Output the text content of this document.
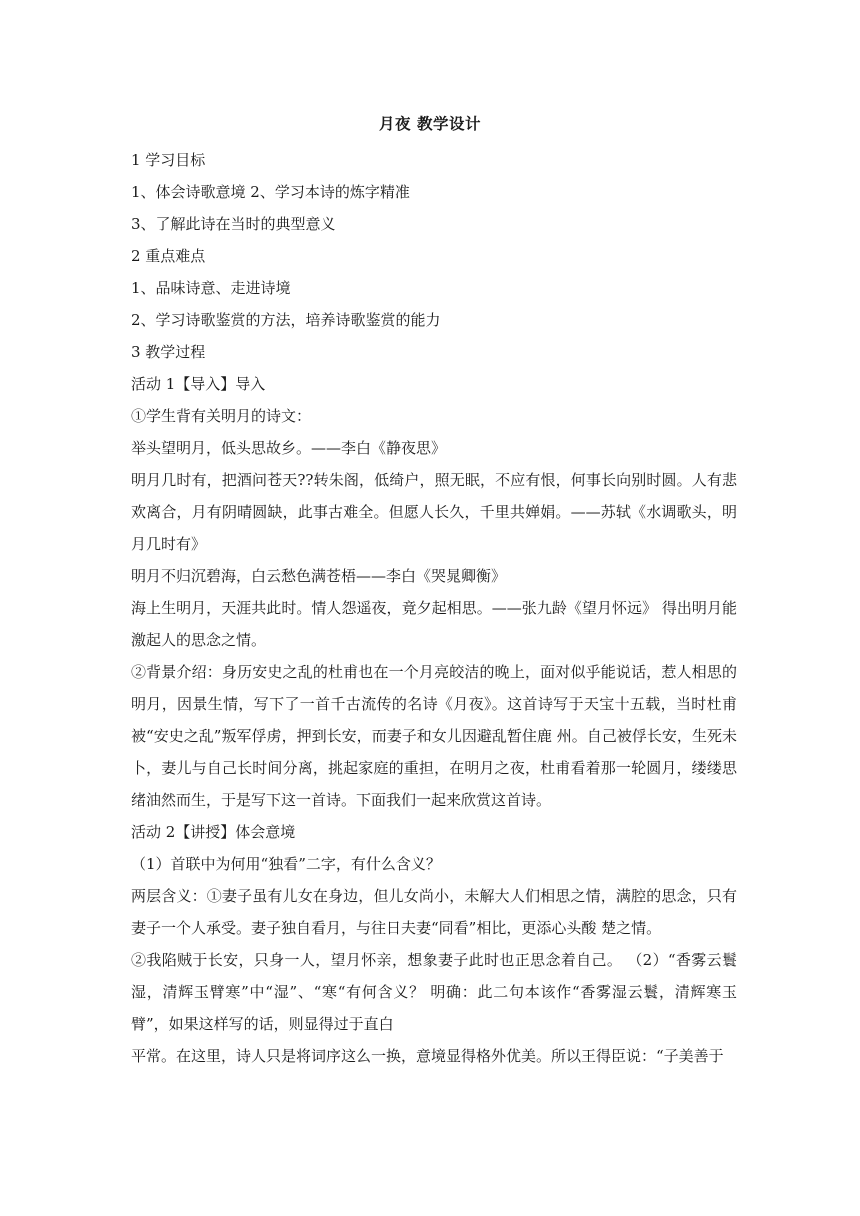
月夜 教学设计

1 学习目标

1、体会诗歌意境 2、学习本诗的炼字精准

3、了解此诗在当时的典型意义

2 重点难点

1、品味诗意、走进诗境

2、学习诗歌鉴赏的方法，培养诗歌鉴赏的能力

3 教学过程

活动 1【导入】导入

①学生背有关明月的诗文：

举头望明月，低头思故乡。——李白《静夜思》

明月几时有，把酒问苍天??转朱阁，低绮户，照无眠，不应有恨，何事长向别时圆。人有悲欢离合，月有阴晴圆缺，此事古难全。但愿人长久，千里共婵娟。——苏轼《水调歌头，明月几时有》

明月不归沉碧海，白云愁色满苍梧——李白《哭晁卿衡》

海上生明月，天涯共此时。情人怨遥夜，竟夕起相思。——张九龄《望月怀远》 得出明月能激起人的思念之情。

②背景介绍：身历安史之乱的杜甫也在一个月亮皎洁的晚上，面对似乎能说话，惹人相思的明月，因景生情，写下了一首千古流传的名诗《月夜》。这首诗写于天宝十五载，当时杜甫被“安史之乱”叛军俘虏，押到长安，而妻子和女儿因避乱暂住鹿 州。自己被俘长安，生死未卜，妻儿与自己长时间分离，挑起家庭的重担，在明月之夜，杜甫看着那一轮圆月，缕缕思绪油然而生，于是写下这一首诗。下面我们一起来欣赏这首诗。

活动 2【讲授】体会意境

（1）首联中为何用“独看”二字，有什么含义？

两层含义：①妻子虽有儿女在身边，但儿女尚小，未解大人们相思之情，满腔的思念，只有妻子一个人承受。妻子独自看月，与往日夫妻“同看”相比，更添心头酸 楚之情。

②我陷贼于长安，只身一人，望月怀亲，想象妻子此时也正思念着自己。 （2）“香雾云鬟湿，清辉玉臂寒”中“湿”、“寒“有何含义？ 明确：此二句本该作“香雾湿云鬟，清辉寒玉臂”，如果这样写的话，则显得过于直白

平常。在这里，诗人只是将词序这么一换，意境显得格外优美。所以王得臣说：“子美善于
